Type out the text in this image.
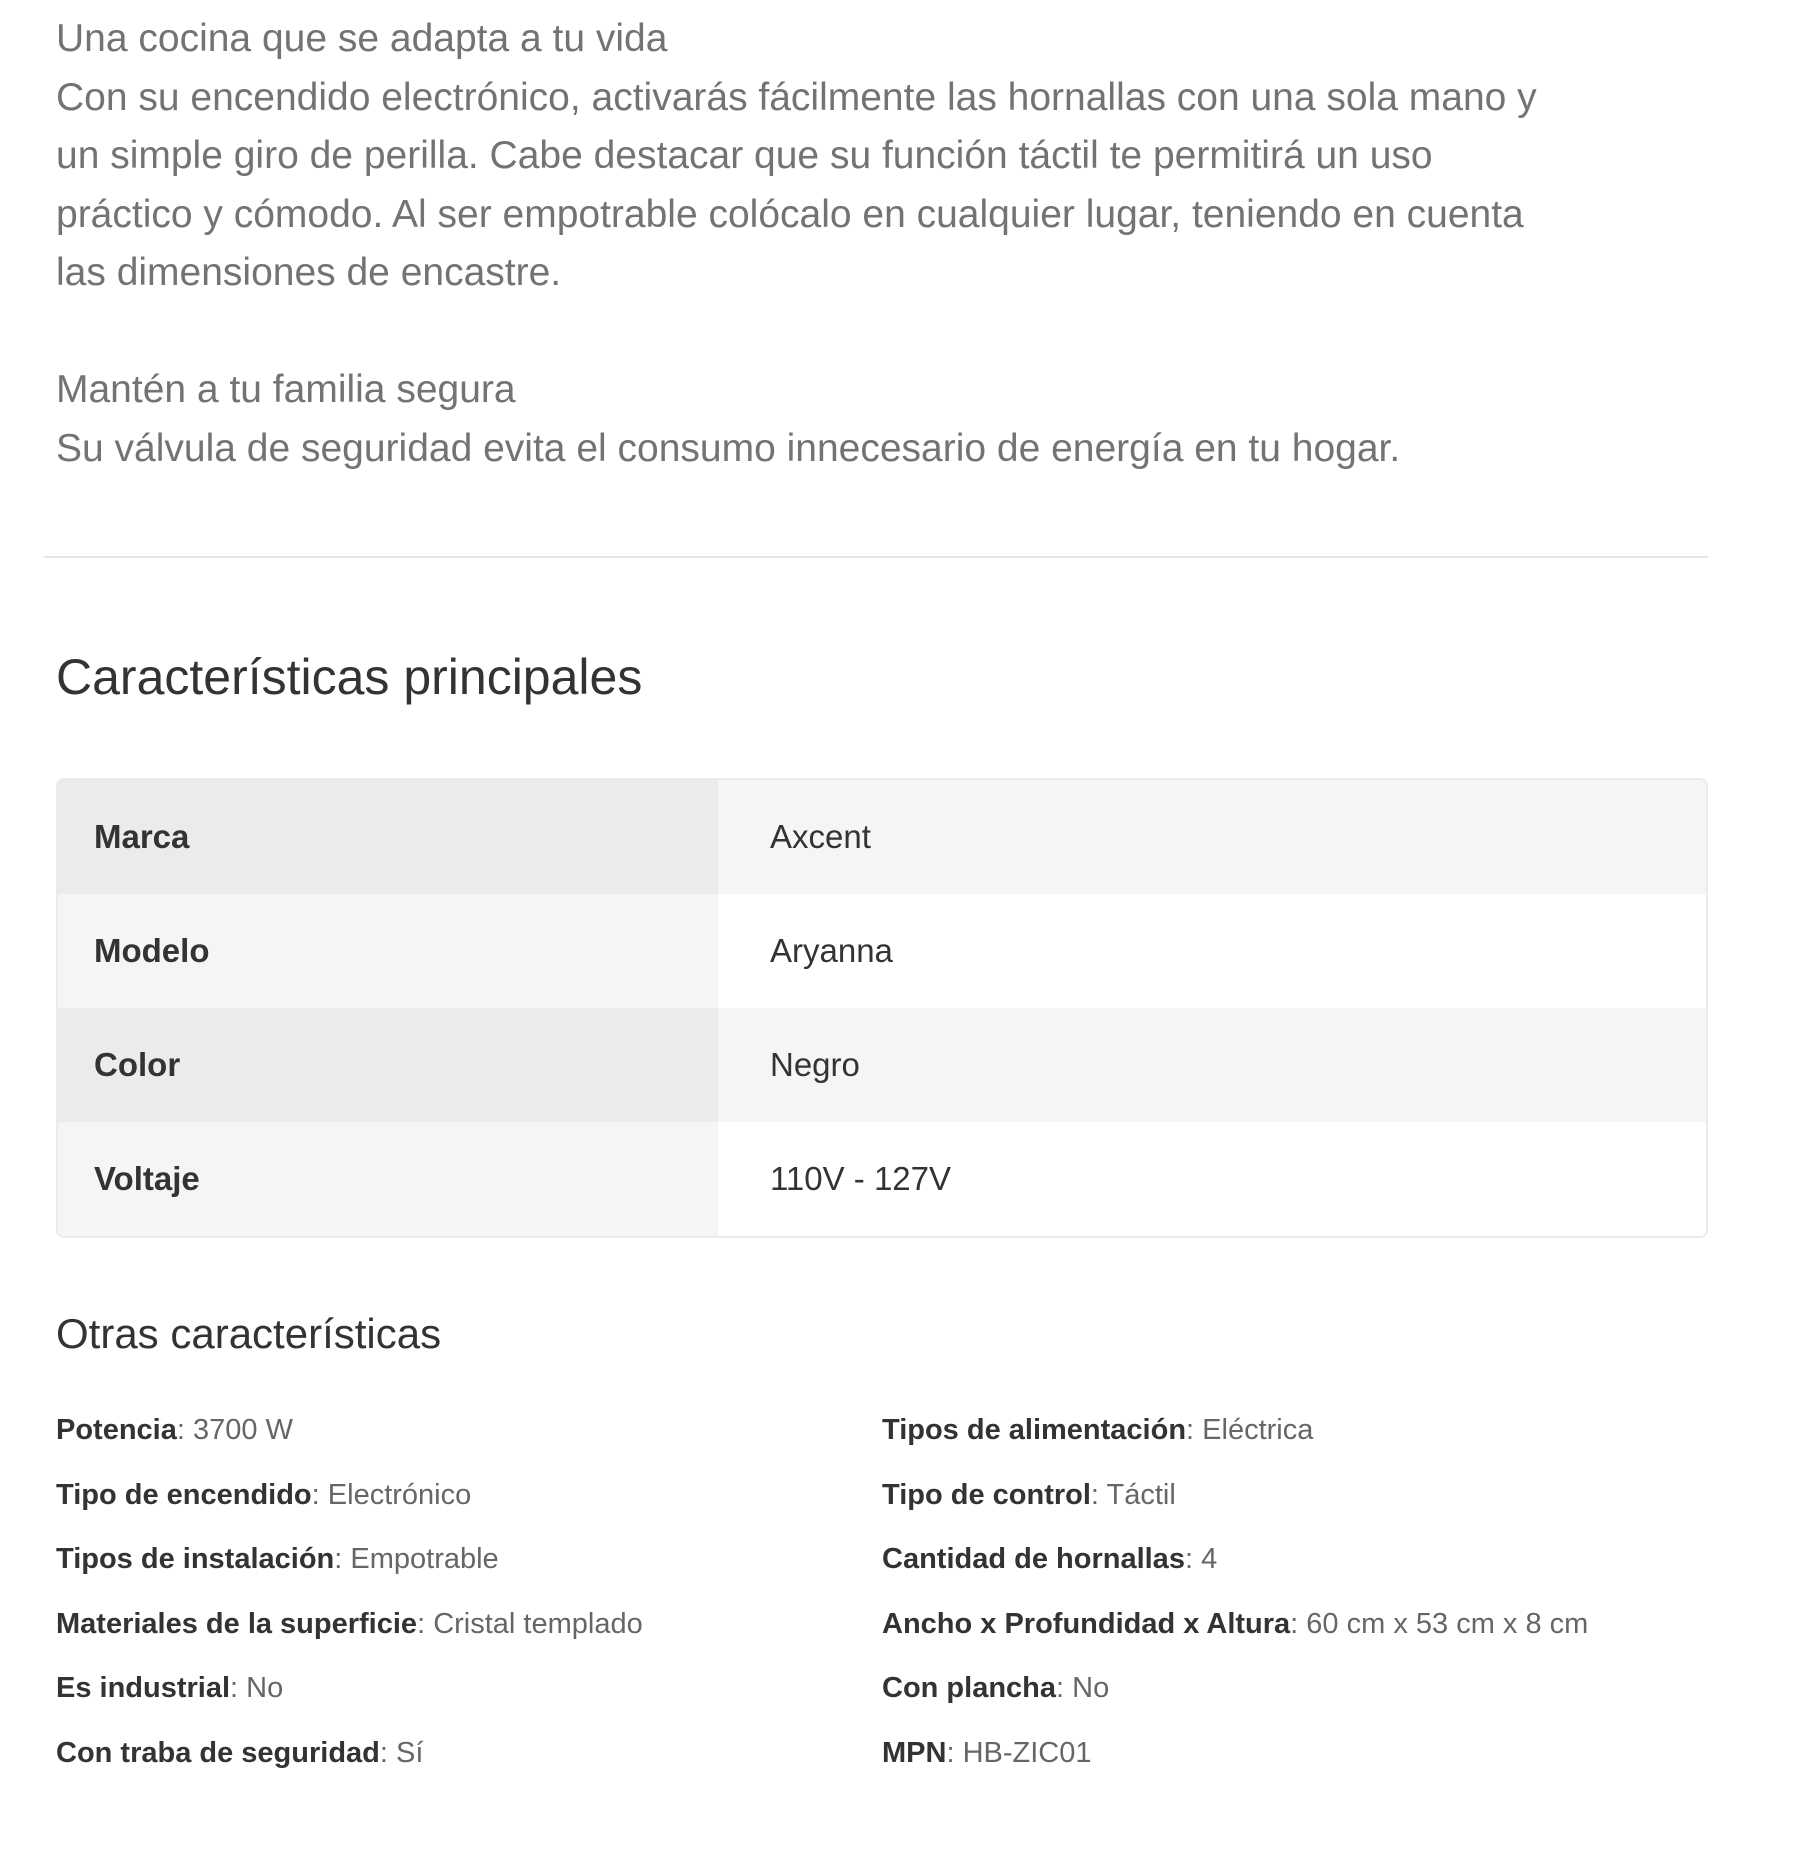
Una cocina que se adapta a tu vida

Con su encendido electrónico, activarás fácilmente las hornallas con una sola mano y

un simple giro de perilla. Cabe destacar que su función táctil te permitirá un uso

práctico y cómodo. Al ser empotrable colócalo en cualquier lugar, teniendo en cuenta

las dimensiones de encastre.

Mantén a tu familia segura

Su válvula de seguridad evita el consumo innecesario de energía en tu hogar.

Características principales
Marca	Axcent
Modelo	Aryanna
Color	Negro
Voltaje	110V - 127V
Otras características
Potencia: 3700 W
Tipo de encendido: Electrónico
Tipos de instalación: Empotrable
Materiales de la superficie: Cristal templado
Es industrial: No
Con traba de seguridad: Sí
Tipos de alimentación: Eléctrica
Tipo de control: Táctil
Cantidad de hornallas: 4
Ancho x Profundidad x Altura: 60 cm x 53 cm x 8 cm
Con plancha: No
MPN: HB-ZIC01
